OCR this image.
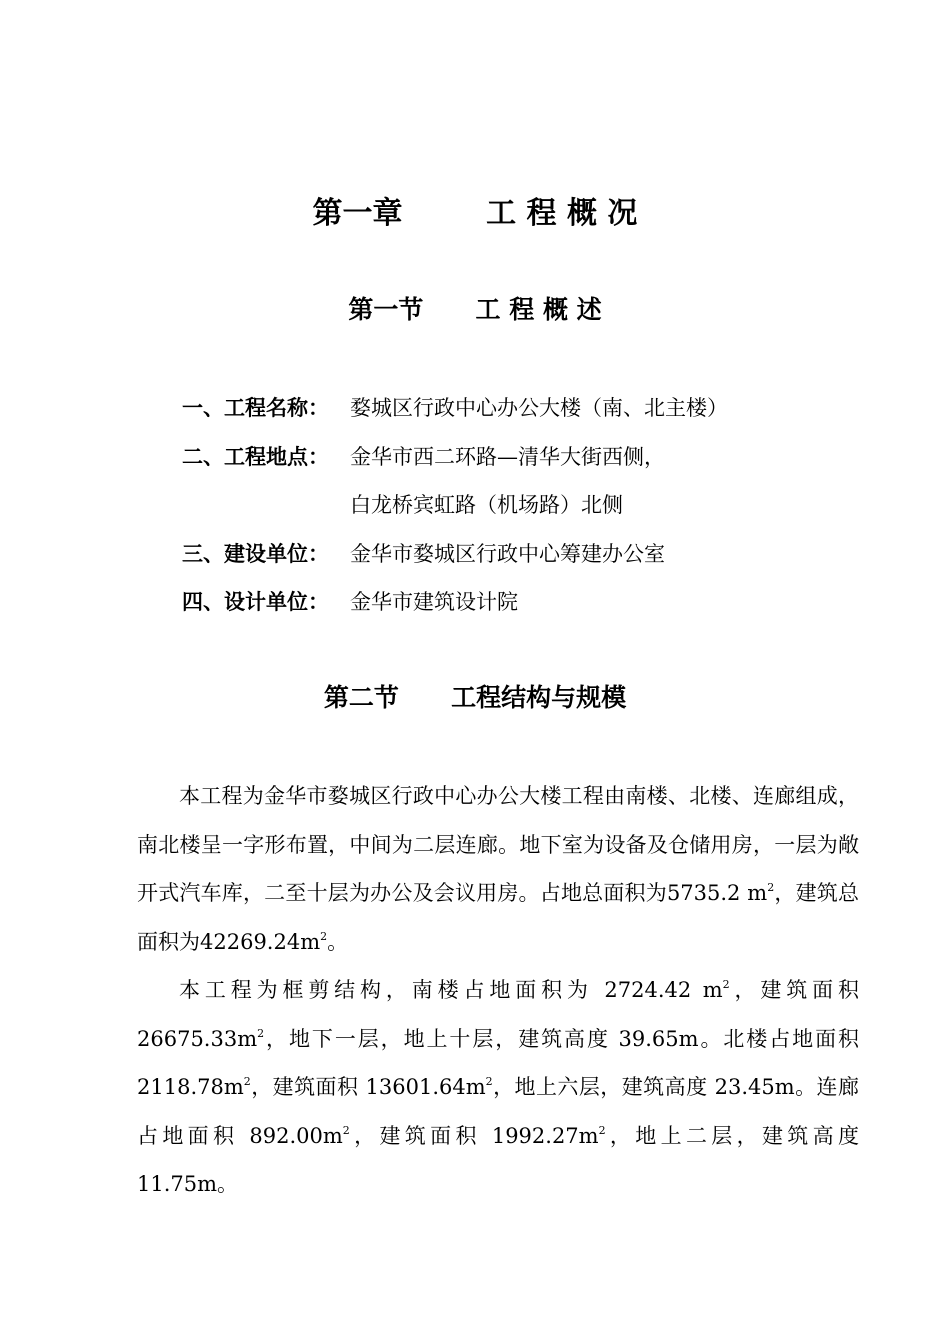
第一章        工 程 概 况
第一节      工 程 概 述
一、工程名称：	婺城区行政中心办公大楼（南、北主楼）
二、工程地点：	金华市西二环路—清华大街西侧，
白龙桥宾虹路（机场路）北侧
三、建设单位：	金华市婺城区行政中心筹建办公室
四、设计单位：	金华市建筑设计院
第二节      工程结构与规模

本工程为金华市婺城区行政中心办公大楼工程由南楼、北楼、连廊组成，南北楼呈一字形布置，中间为二层连廊。地下室为设备及仓储用房，一层为敞开式汽车库，二至十层为办公及会议用房。占地总面积为5735.2 $m^2$，建筑总面积为$42269.24m^2$。

本工程为框剪结构，南楼占地面积为 2724.42 $m^2$，建筑面积$26675.33m^2$，地下一层，地上十层，建筑高度 39.65m。北楼占地面积$2118.78m^2$，建筑面积 $13601.64m^2$，地上六层，建筑高度 23.45m。连廊占地面积 $892.00m^2$，建筑面积 $1992.27m^2$，地上二层，建筑高度 11.75m。
